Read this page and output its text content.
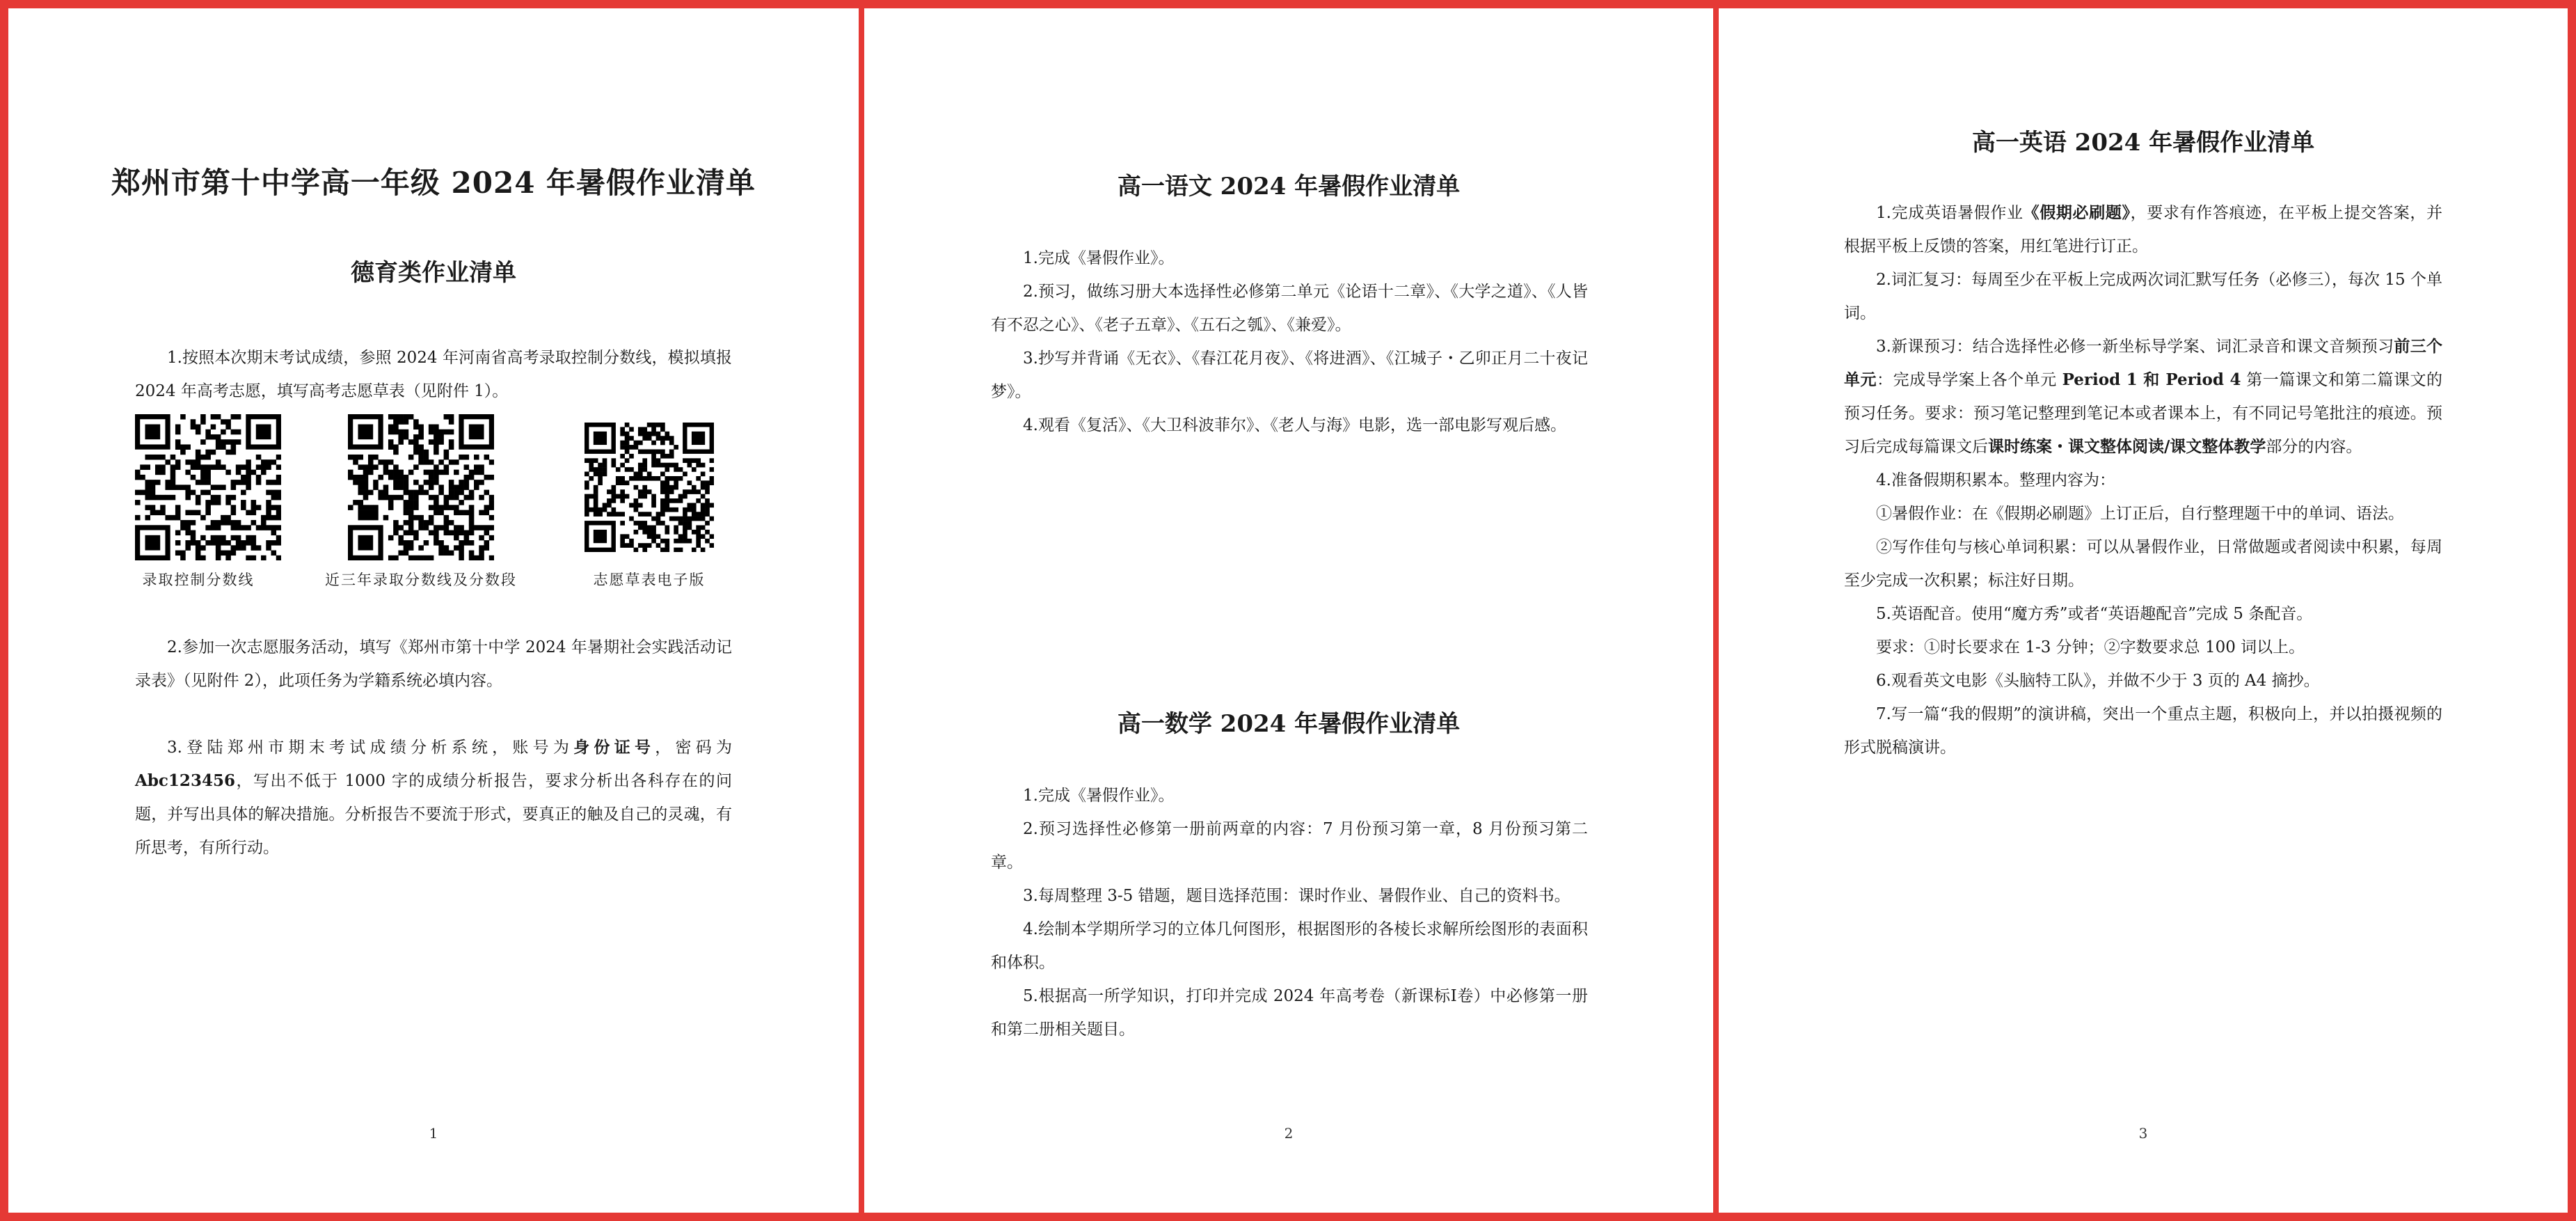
郑州市第十中学高一年级 2024 年暑假作业清单
德育类作业清单

1.按照本次期末考试成绩，参照 2024 年河南省高考录取控制分数线，模拟填报 2024 年高考志愿，填写高考志愿草表（见附件 1）。

录取控制分数线	近三年录取分数线及分数段	志愿草表电子版

2.参加一次志愿服务活动，填写《郑州市第十中学 2024 年暑期社会实践活动记录表》（见附件 2），此项任务为学籍系统必填内容。

3.登陆郑州市期末考试成绩分析系统，账号为身份证号，密码为 Abc123456，写出不低于 1000 字的成绩分析报告，要求分析出各科存在的问题，并写出具体的解决措施。分析报告不要流于形式，要真正的触及自己的灵魂，有所思考，有所行动。

1
高一语文 2024 年暑假作业清单

1.完成《暑假作业》。

2.预习，做练习册大本选择性必修第二单元《论语十二章》、《大学之道》、《人皆有不忍之心》、《老子五章》、《五石之瓠》、《兼爱》。

3.抄写并背诵《无衣》、《春江花月夜》、《将进酒》、《江城子・乙卯正月二十夜记梦》。

4.观看《复活》、《大卫科波菲尔》、《老人与海》电影，选一部电影写观后感。

高一数学 2024 年暑假作业清单

1.完成《暑假作业》。

2.预习选择性必修第一册前两章的内容：7 月份预习第一章，8 月份预习第二章。

3.每周整理 3-5 错题，题目选择范围：课时作业、暑假作业、自己的资料书。

4.绘制本学期所学习的立体几何图形，根据图形的各棱长求解所绘图形的表面积和体积。

5.根据高一所学知识，打印并完成 2024 年高考卷（新课标Ⅰ卷）中必修第一册和第二册相关题目。

2
高一英语 2024 年暑假作业清单

1.完成英语暑假作业《假期必刷题》，要求有作答痕迹，在平板上提交答案，并根据平板上反馈的答案，用红笔进行订正。

2.词汇复习：每周至少在平板上完成两次词汇默写任务（必修三），每次 15 个单词。

3.新课预习：结合选择性必修一新坐标导学案、词汇录音和课文音频预习前三个单元：完成导学案上各个单元 Period 1 和 Period 4 第一篇课文和第二篇课文的预习任务。要求：预习笔记整理到笔记本或者课本上，有不同记号笔批注的痕迹。预习后完成每篇课文后课时练案・课文整体阅读/课文整体教学部分的内容。

4.准备假期积累本。整理内容为：

①暑假作业：在《假期必刷题》上订正后，自行整理题干中的单词、语法。

②写作佳句与核心单词积累：可以从暑假作业，日常做题或者阅读中积累，每周至少完成一次积累；标注好日期。

5.英语配音。使用“魔方秀”或者“英语趣配音”完成 5 条配音。

要求：①时长要求在 1-3 分钟；②字数要求总 100 词以上。

6.观看英文电影《头脑特工队》，并做不少于 3 页的 A4 摘抄。

7.写一篇“我的假期”的演讲稿，突出一个重点主题，积极向上，并以拍摄视频的形式脱稿演讲。

3
